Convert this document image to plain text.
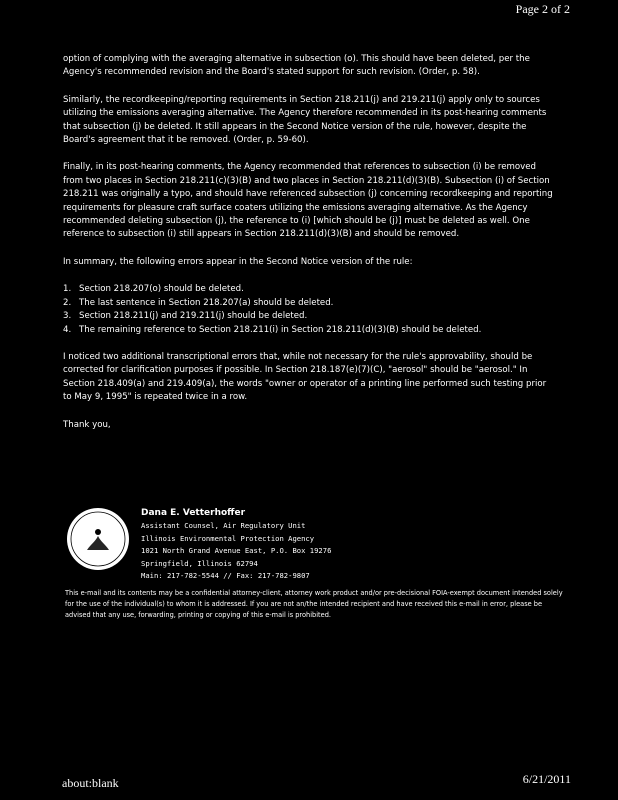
Page 2 of 2

option of complying with the averaging alternative in subsection (o). This should have been deleted, per the Agency's recommended revision and the Board's stated support for such revision. (Order, p. 58).

Similarly, the recordkeeping/reporting requirements in Section 218.211(j) and 219.211(j) apply only to sources utilizing the emissions averaging alternative. The Agency therefore recommended in its post-hearing comments that subsection (j) be deleted. It still appears in the Second Notice version of the rule, however, despite the Board's agreement that it be removed. (Order, p. 59-60).

Finally, in its post-hearing comments, the Agency recommended that references to subsection (i) be removed from two places in Section 218.211(c)(3)(B) and two places in Section 218.211(d)(3)(B). Subsection (i) of Section 218.211 was originally a typo, and should have referenced subsection (j) concerning recordkeeping and reporting requirements for pleasure craft surface coaters utilizing the emissions averaging alternative. As the Agency recommended deleting subsection (j), the reference to (i) [which should be (j)] must be deleted as well. One reference to subsection (i) still appears in Section 218.211(d)(3)(B) and should be removed.

In summary, the following errors appear in the Second Notice version of the rule:

1. Section 218.207(o) should be deleted.
2. The last sentence in Section 218.207(a) should be deleted.
3. Section 218.211(j) and 219.211(j) should be deleted.
4. The remaining reference to Section 218.211(i) in Section 218.211(d)(3)(B) should be deleted.

I noticed two additional transcriptional errors that, while not necessary for the rule's approvability, should be corrected for clarification purposes if possible. In Section 218.187(e)(7)(C), "aerosol" should be "aerosol." In Section 218.409(a) and 219.409(a), the words "owner or operator of a printing line performed such testing prior to May 9, 1995" is repeated twice in a row.

Thank you,

Dana E. Vetterhoffer
Assistant Counsel, Air Regulatory Unit
Illinois Environmental Protection Agency
1021 North Grand Avenue East, P.O. Box 19276
Springfield, Illinois 62794
Main: 217-782-5544 // Fax: 217-782-9807
This e-mail and its contents may be a confidential attorney-client, attorney work product and/or pre-decisional FOIA-exempt document intended solely for the use of the individual(s) to whom it is addressed. If you are not an/the intended recipient and have received this e-mail in error, please be advised that any use, forwarding, printing or copying of this e-mail is prohibited.
about:blank	6/21/2011
